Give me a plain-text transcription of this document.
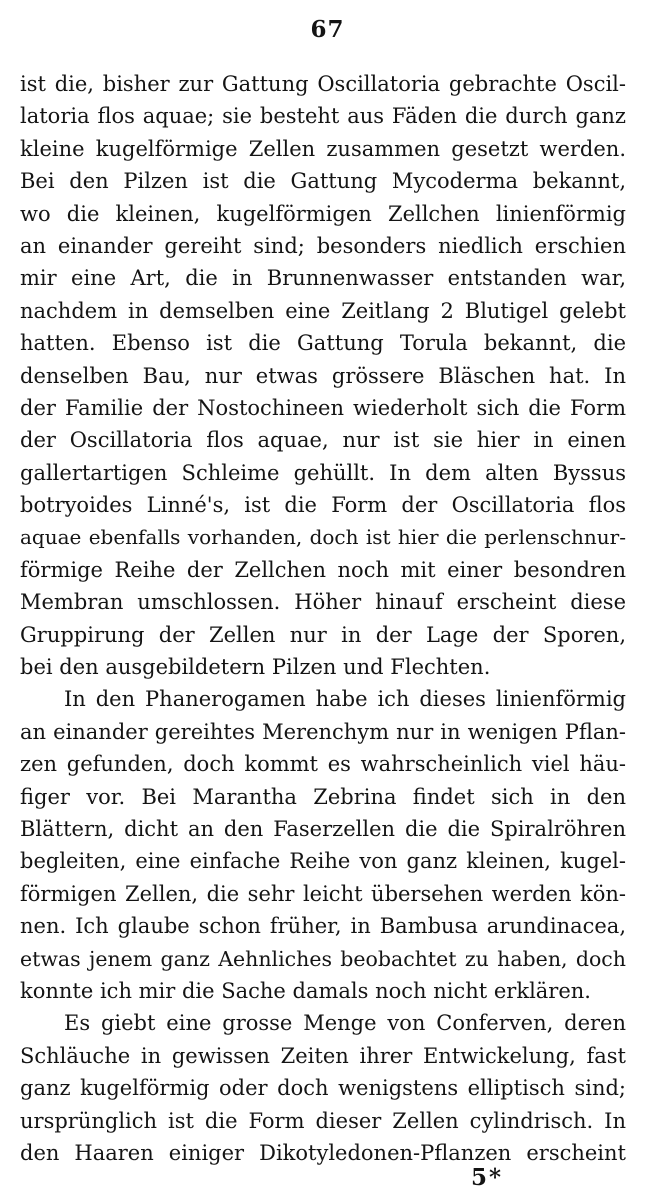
67
ist die, bisher zur Gattung Oscillatoria gebrachte Oscil-
latoria flos aquae; sie besteht aus Fäden die durch ganz
kleine kugelförmige Zellen zusammen gesetzt werden.
Bei den Pilzen ist die Gattung Mycoderma bekannt,
wo die kleinen, kugelförmigen Zellchen linienförmig
an einander gereiht sind; besonders niedlich erschien
mir eine Art, die in Brunnenwasser entstanden war,
nachdem in demselben eine Zeitlang 2 Blutigel gelebt
hatten. Ebenso ist die Gattung Torula bekannt, die
denselben Bau, nur etwas grössere Bläschen hat. In
der Familie der Nostochineen wiederholt sich die Form
der Oscillatoria flos aquae, nur ist sie hier in einen
gallertartigen Schleime gehüllt. In dem alten Byssus
botryoides Linné's, ist die Form der Oscillatoria flos
aquae ebenfalls vorhanden, doch ist hier die perlenschnur-
förmige Reihe der Zellchen noch mit einer besondren
Membran umschlossen. Höher hinauf erscheint diese
Gruppirung der Zellen nur in der Lage der Sporen,
bei den ausgebildetern Pilzen und Flechten.
In den Phanerogamen habe ich dieses linienförmig
an einander gereihtes Merenchym nur in wenigen Pflan-
zen gefunden, doch kommt es wahrscheinlich viel häu-
figer vor. Bei Marantha Zebrina findet sich in den
Blättern, dicht an den Faserzellen die die Spiralröhren
begleiten, eine einfache Reihe von ganz kleinen, kugel-
förmigen Zellen, die sehr leicht übersehen werden kön-
nen. Ich glaube schon früher, in Bambusa arundinacea,
etwas jenem ganz Aehnliches beobachtet zu haben, doch
konnte ich mir die Sache damals noch nicht erklären.
Es giebt eine grosse Menge von Conferven, deren
Schläuche in gewissen Zeiten ihrer Entwickelung, fast
ganz kugelförmig oder doch wenigstens elliptisch sind;
ursprünglich ist die Form dieser Zellen cylindrisch. In
den Haaren einiger Dikotyledonen-Pflanzen erscheint
5*
